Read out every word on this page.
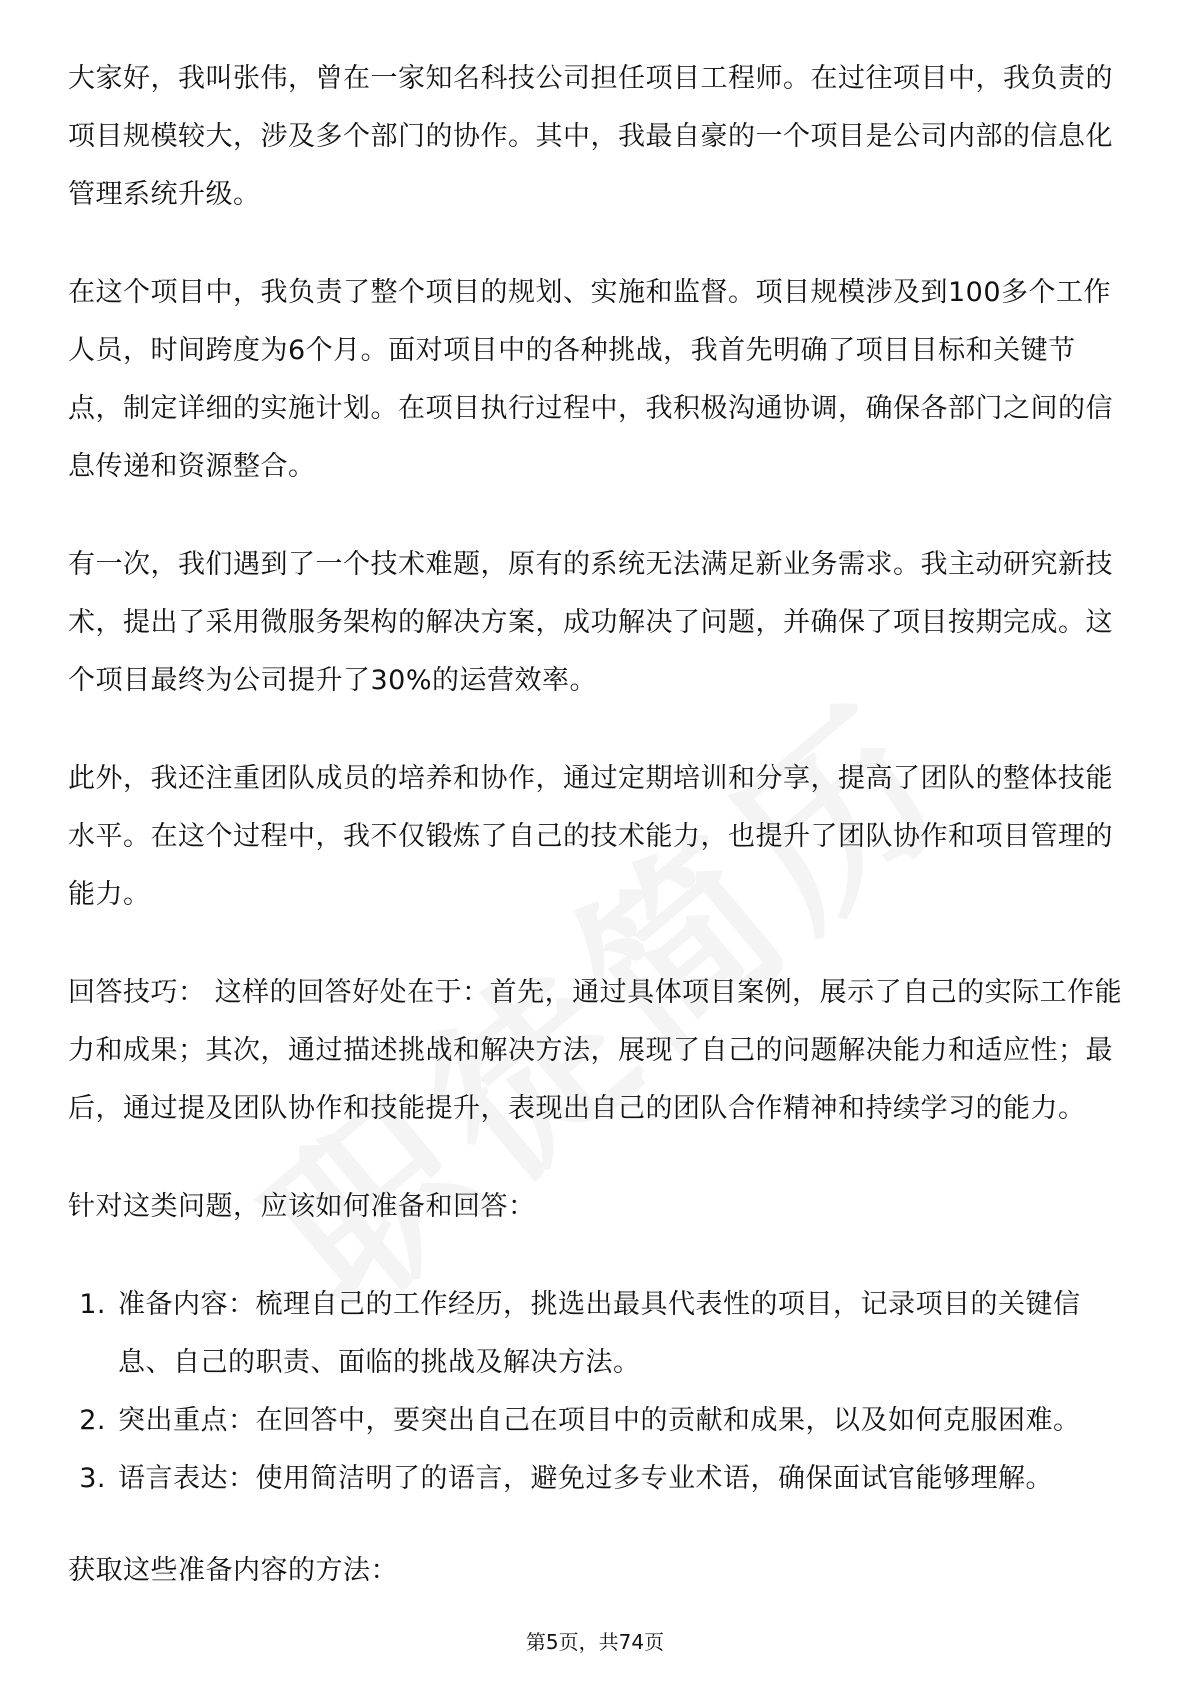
大家好，我叫张伟，曾在一家知名科技公司担任项目工程师。在过往项目中，我负责的项目规模较大，涉及多个部门的协作。其中，我最自豪的一个项目是公司内部的信息化管理系统升级。

在这个项目中，我负责了整个项目的规划、实施和监督。项目规模涉及到100多个工作人员，时间跨度为6个月。面对项目中的各种挑战，我首先明确了项目目标和关键节点，制定详细的实施计划。在项目执行过程中，我积极沟通协调，确保各部门之间的信息传递和资源整合。

有一次，我们遇到了一个技术难题，原有的系统无法满足新业务需求。我主动研究新技术，提出了采用微服务架构的解决方案，成功解决了问题，并确保了项目按期完成。这个项目最终为公司提升了30%的运营效率。

此外，我还注重团队成员的培养和协作，通过定期培训和分享，提高了团队的整体技能水平。在这个过程中，我不仅锻炼了自己的技术能力，也提升了团队协作和项目管理的能力。

回答技巧： 这样的回答好处在于：首先，通过具体项目案例，展示了自己的实际工作能力和成果；其次，通过描述挑战和解决方法，展现了自己的问题解决能力和适应性；最后，通过提及团队协作和技能提升，表现出自己的团队合作精神和持续学习的能力。

针对这类问题，应该如何准备和回答：

1. 准备内容：梳理自己的工作经历，挑选出最具代表性的项目，记录项目的关键信息、自己的职责、面临的挑战及解决方法。
2. 突出重点：在回答中，要突出自己在项目中的贡献和成果，以及如何克服困难。
3. 语言表达：使用简洁明了的语言，避免过多专业术语，确保面试官能够理解。

获取这些准备内容的方法：

第5页，共74页
